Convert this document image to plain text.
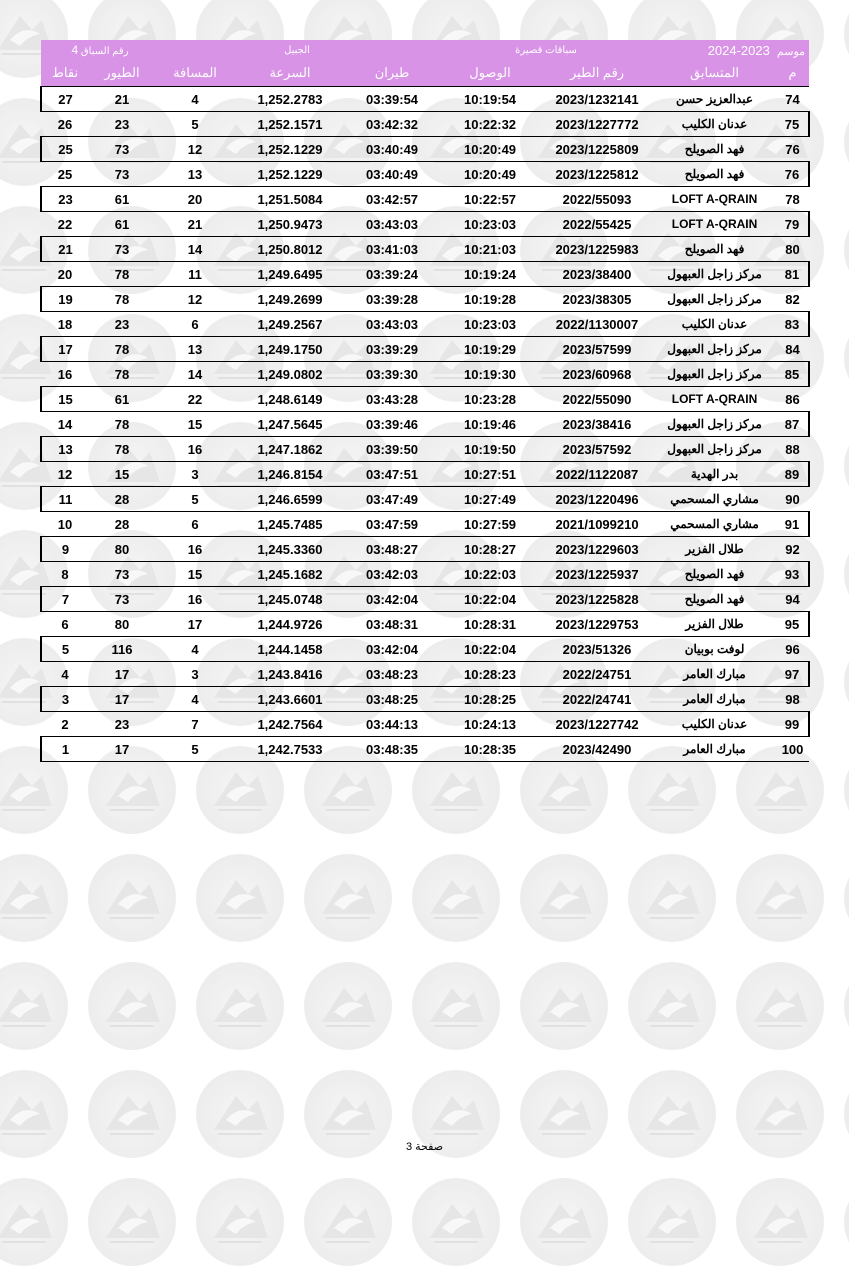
رقم السباق 4		الجبيل			سباقات قصيرة		2024-2023 موسم	
نقاط	الطيور	المسافة	السرعة	طيران	الوصول	رقم الطير	المتسابق	م
27	21	4	1,252.2783	03:39:54	10:19:54	2023/1232141	عبدالعزيز حسن	74
26	23	5	1,252.1571	03:42:32	10:22:32	2023/1227772	عدنان الكليب	75
25	73	12	1,252.1229	03:40:49	10:20:49	2023/1225809	فهد الصويلح	76
25	73	13	1,252.1229	03:40:49	10:20:49	2023/1225812	فهد الصويلح	76
23	61	20	1,251.5084	03:42:57	10:22:57	2022/55093	LOFT A-QRAIN	78
22	61	21	1,250.9473	03:43:03	10:23:03	2022/55425	LOFT A-QRAIN	79
21	73	14	1,250.8012	03:41:03	10:21:03	2023/1225983	فهد الصويلح	80
20	78	11	1,249.6495	03:39:24	10:19:24	2023/38400	مركز زاجل العبهول	81
19	78	12	1,249.2699	03:39:28	10:19:28	2023/38305	مركز زاجل العبهول	82
18	23	6	1,249.2567	03:43:03	10:23:03	2022/1130007	عدنان الكليب	83
17	78	13	1,249.1750	03:39:29	10:19:29	2023/57599	مركز زاجل العبهول	84
16	78	14	1,249.0802	03:39:30	10:19:30	2023/60968	مركز زاجل العبهول	85
15	61	22	1,248.6149	03:43:28	10:23:28	2022/55090	LOFT A-QRAIN	86
14	78	15	1,247.5645	03:39:46	10:19:46	2023/38416	مركز زاجل العبهول	87
13	78	16	1,247.1862	03:39:50	10:19:50	2023/57592	مركز زاجل العبهول	88
12	15	3	1,246.8154	03:47:51	10:27:51	2022/1122087	بدر الهدية	89
11	28	5	1,246.6599	03:47:49	10:27:49	2023/1220496	مشاري المسحمي	90
10	28	6	1,245.7485	03:47:59	10:27:59	2021/1099210	مشاري المسحمي	91
9	80	16	1,245.3360	03:48:27	10:28:27	2023/1229603	طلال الفزير	92
8	73	15	1,245.1682	03:42:03	10:22:03	2023/1225937	فهد الصويلح	93
7	73	16	1,245.0748	03:42:04	10:22:04	2023/1225828	فهد الصويلح	94
6	80	17	1,244.9726	03:48:31	10:28:31	2023/1229753	طلال الفزير	95
5	116	4	1,244.1458	03:42:04	10:22:04	2023/51326	لوفت بوبيان	96
4	17	3	1,243.8416	03:48:23	10:28:23	2022/24751	مبارك العامر	97
3	17	4	1,243.6601	03:48:25	10:28:25	2022/24741	مبارك العامر	98
2	23	7	1,242.7564	03:44:13	10:24:13	2023/1227742	عدنان الكليب	99
1	17	5	1,242.7533	03:48:35	10:28:35	2023/42490	مبارك العامر	100
صفحة 3
